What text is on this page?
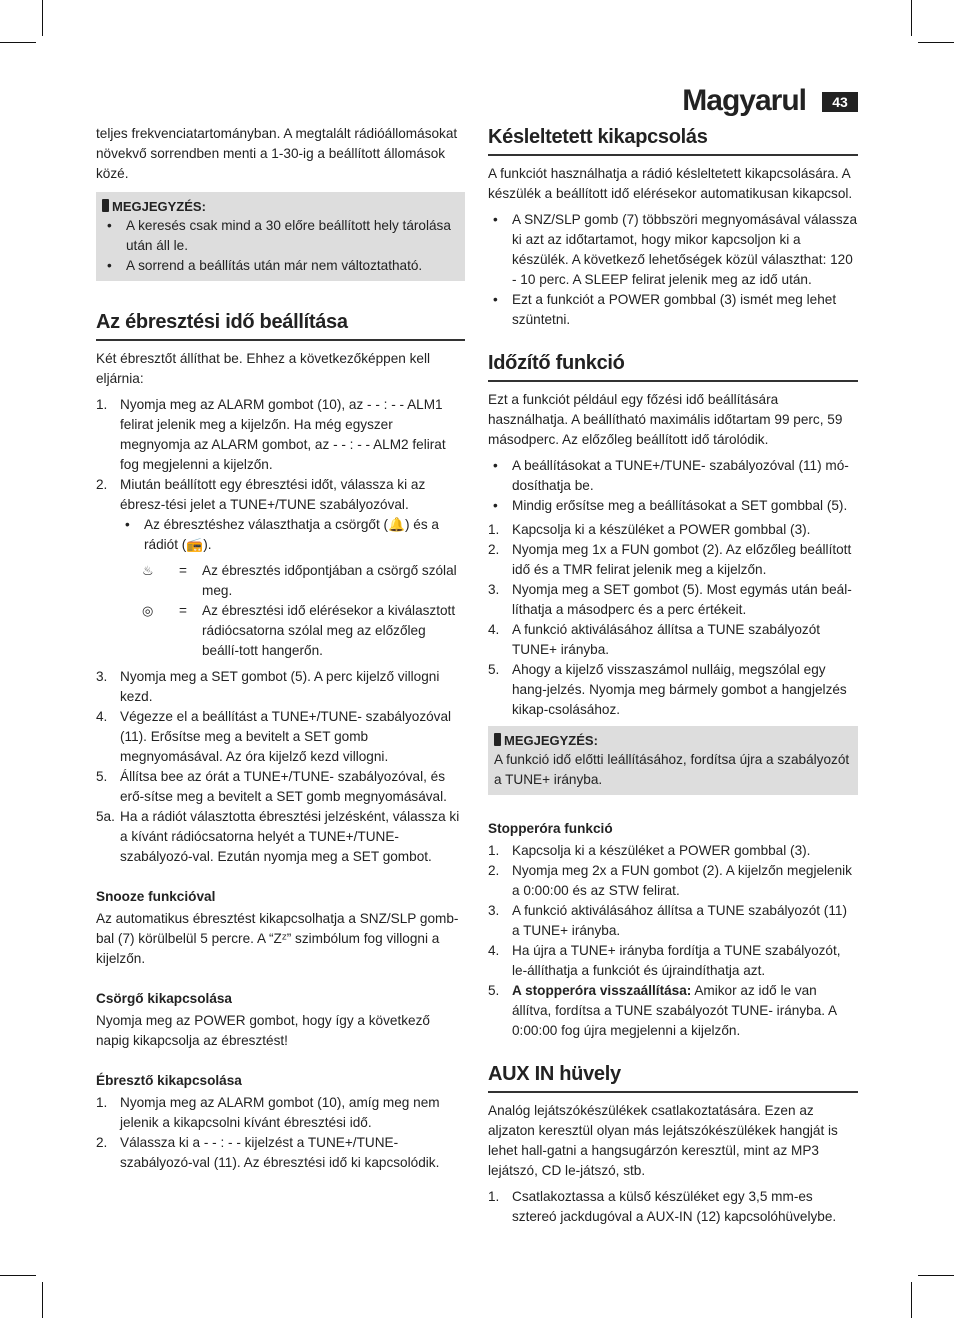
Magyarul	43

teljes frekvenciatartományban. A megtalált rádióállomásokat növekvő sorrendben menti a 1-30-ig a beállított állomások közé.

MEGJEGYZÉS:
• A keresés csak mind a 30 előre beállított hely tárolása után áll le.
• A sorrend a beállítás után már nem változtatható.
Az ébresztési idő beállítása

Két ébresztőt állíthat be. Ehhez a következőképpen kell eljárnia:

1. Nyomja meg az ALARM gombot (10), az - - : - - ALM1 felirat jelenik meg a kijelzőn. Ha még egyszer megnyomja az ALARM gombot, az - - : - - ALM2 felirat fog megjelenni a kijelzőn.
2. Miután beállított egy ébresztési időt, válassza ki az ébresz-tési jelet a TUNE+/TUNE szabályozóval.
• Az ébresztéshez választhatja a csörgőt (🔔) és a rádiót (📻).
♨ = Az ébresztés időpontjában a csörgő szólal meg.
◎ = Az ébresztési idő elérésekor a kiválasztott rádiócsatorna szólal meg az előzőleg beállí-tott hangerőn.
3. Nyomja meg a SET gombot (5). A perc kijelző villogni kezd.
4. Végezze el a beállítást a TUNE+/TUNE- szabályozóval (11). Erősítse meg a bevitelt a SET gomb megnyomásával. Az óra kijelző kezd villogni.
5. Állítsa bee az órát a TUNE+/TUNE- szabályozóval, és erő-sítse meg a bevitelt a SET gomb megnyomásával.
5a. Ha a rádiót választotta ébresztési jelzésként, válassza ki a kívánt rádiócsatorna helyét a TUNE+/TUNE- szabályozó-val. Ezután nyomja meg a SET gombot.
Snooze funkcióval

Az automatikus ébresztést kikapcsolhatja a SNZ/SLP gomb-bal (7) körülbelül 5 percre. A “Zᶻ” szimbólum fog villogni a kijelzőn.

Csörgő kikapcsolása

Nyomja meg az POWER gombot, hogy így a következő napig kikapcsolja az ébresztést!

Ébresztő kikapcsolása
1. Nyomja meg az ALARM gombot (10), amíg meg nem jelenik a kikapcsolni kívánt ébresztési idő.
2. Válassza ki a - - : - - kijelzést a TUNE+/TUNE- szabályozó-val (11). Az ébresztési idő ki kapcsolódik.
Késleltetett kikapcsolás

A funkciót használhatja a rádió késleltetett kikapcsolására. A készülék a beállított idő elérésekor automatikusan kikapcsol.

• A SNZ/SLP gomb (7) többszöri megnyomásával válassza ki azt az időtartamot, hogy mikor kapcsoljon ki a készülék. A következő lehetőségek közül választhat: 120 - 10 perc. A SLEEP felirat jelenik meg az idő után.
• Ezt a funkciót a POWER gombbal (3) ismét meg lehet szüntetni.
Időzítő funkció

Ezt a funkciót például egy főzési idő beállítására használhatja. A beállítható maximális időtartam 99 perc, 59 másodperc. Az előzőleg beállított idő tárolódik.

• A beállításokat a TUNE+/TUNE- szabályozóval (11) mó-dosíthatja be.
• Mindig erősítse meg a beállításokat a SET gombbal (5).
1. Kapcsolja ki a készüléket a POWER gombbal (3).
2. Nyomja meg 1x a FUN gombot (2). Az előzőleg beállított idő és a TMR felirat jelenik meg a kijelzőn.
3. Nyomja meg a SET gombot (5). Most egymás után beál-líthatja a másodperc és a perc értékeit.
4. A funkció aktiválásához állítsa a TUNE szabályozót TUNE+ irányba.
5. Ahogy a kijelző visszaszámol nulláig, megszólal egy hang-jelzés. Nyomja meg bármely gombot a hangjelzés kikap-csolásához.
MEGJEGYZÉS:

A funkció idő előtti leállításához, fordítsa újra a szabályozót a TUNE+ irányba.

Stopperóra funkció
1. Kapcsolja ki a készüléket a POWER gombbal (3).
2. Nyomja meg 2x a FUN gombot (2). A kijelzőn megjelenik a 0:00:00 és az STW felirat.
3. A funkció aktiválásához állítsa a TUNE szabályozót (11) a TUNE+ irányba.
4. Ha újra a TUNE+ irányba fordítja a TUNE szabályozót, le-állíthatja a funkciót és újraindíthatja azt.
5. A stopperóra visszaállítása: Amikor az idő le van állítva, fordítsa a TUNE szabályozót TUNE- irányba. A 0:00:00 fog újra megjelenni a kijelzőn.
AUX IN hüvely

Analóg lejátszókészülékek csatlakoztatására. Ezen az aljzaton keresztül olyan más lejátszókészülékek hangját is lehet hall-gatni a hangsugárzón keresztül, mint az MP3 lejátszó, CD le-játszó, stb.

1. Csatlakoztassa a külső készüléket egy 3,5 mm-es sztereó jackdugóval a AUX-IN (12) kapcsolóhüvelybe.
